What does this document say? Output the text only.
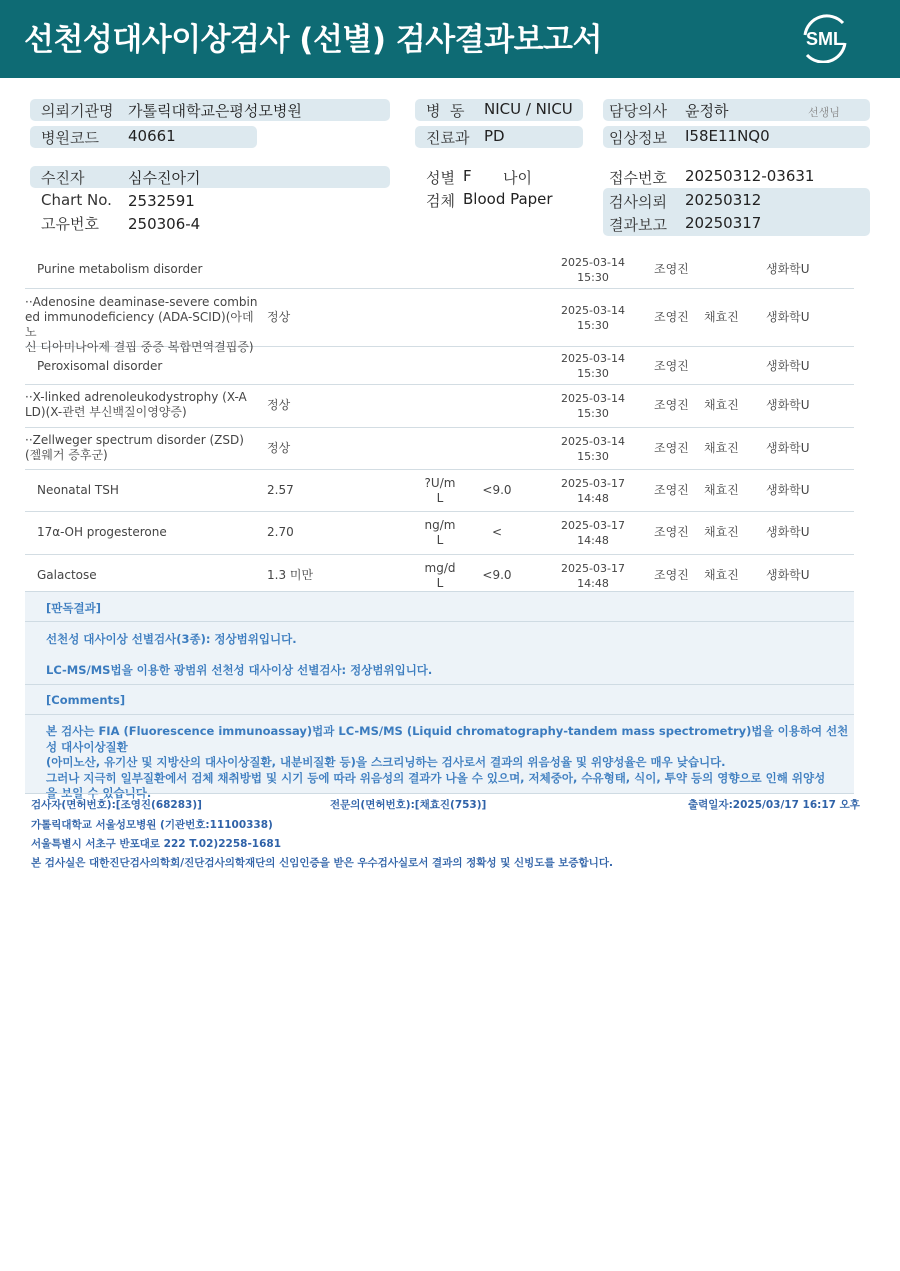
선천성대사이상검사 (선별) 검사결과보고서	SML
의뢰기관명 가톨릭대학교은평성모병원
병원코드 40661
병  동 NICU / NICU
진료과 PD
담당의사 윤정하	선생님
임상정보 I58E11NQ0
수진자	심수진아기
Chart No. 2532591
고유번호 250306-4
성별 F 나이
검체 Blood Paper
접수번호 20250312-03631
검사의뢰 20250312
결과보고 20250317
Purine metabolism disorder	2025-03-14
15:30
조영진	생화학U
··Adenosine deaminase-severe combin
ed immunodeficiency (ADA-SCID)(아데노
신 디아미나아제 결핍 중증 복합면역결핍증)
정상	2025-03-14
15:30
조영진 채효진 생화학U
Peroxisomal disorder
2025-03-14
15:30
조영진	생화학U
··X-linked adrenoleukodystrophy (X-A
LD)(X-관련 부신백질이영양증)	정상	2025-03-14
15:30
조영진 채효진 생화학U
··Zellweger spectrum disorder (ZSD)
(젤웨거 증후군)	정상	2025-03-14
15:30
조영진 채효진 생화학U
Neonatal TSH	2.57	?U/m
L
<9.0	2025-03-17
14:48
조영진 채효진 생화학U
17α-OH progesterone	2.70	ng/m
L
<	2025-03-17
14:48
조영진 채효진 생화학U
Galactose	1.3 미만	mg/d
L
<9.0	2025-03-17
14:48
조영진 채효진 생화학U
[판독결과]
선천성 대사이상 선별검사(3종): 정상범위입니다.
LC-MS/MS법을 이용한 광범위 선천성 대사이상 선별검사: 정상범위입니다.
[Comments]
본 검사는 FIA (Fluorescence immunoassay)법과 LC-MS/MS (Liquid chromatography-tandem mass spectrometry)법을 이용하여 선천성 대사이상질환
(아미노산, 유기산 및 지방산의 대사이상질환, 내분비질환 등)을 스크리닝하는 검사로서 결과의 위음성율 및 위양성율은 매우 낮습니다.
그러나 지극히 일부질환에서 검체 채취방법 및 시기 등에 따라 위음성의 결과가 나올 수 있으며, 저체중아, 수유형태, 식이, 투약 등의 영향으로 인해 위양성
을 보일 수 있습니다.
검사자(면허번호):[조영진(68283)]	전문의(면허번호):[채효진(753)]	출력일자:2025/03/17 16:17 오후
가톨릭대학교 서울성모병원 (기관번호:11100338)
서울특별시 서초구 반포대로 222 T.02)2258-1681
본 검사실은 대한진단검사의학회/진단검사의학재단의 신임인증을 받은 우수검사실로서 결과의 정확성 및 신빙도를 보증합니다.
